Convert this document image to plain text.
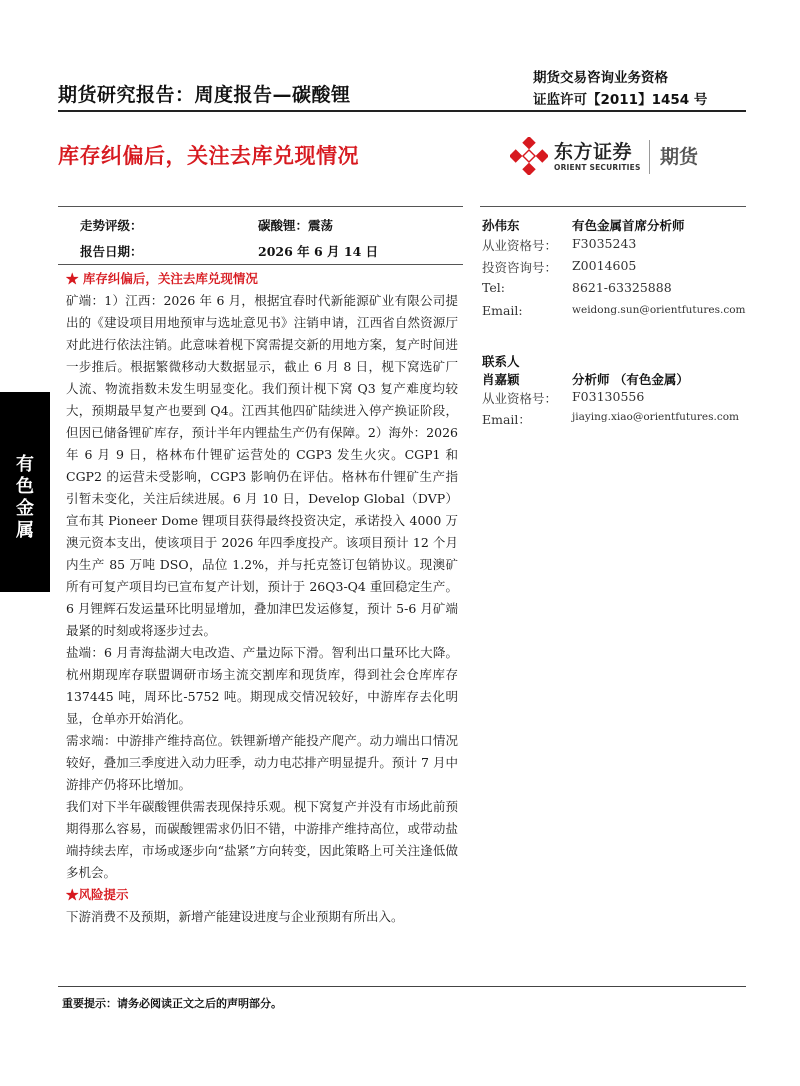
期货研究报告：周度报告—碳酸锂
期货交易咨询业务资格
证监许可【2011】1454 号
库存纠偏后，关注去库兑现情况	东方证券
ORIENT SECURITIES 期货
有
色
金
属
走势评级：	碳酸锂：震荡
报告日期：	2026 年 6 月 14 日
★ 库存纠偏后，关注去库兑现情况

矿端：1）江西：2026 年 6 月，根据宜春时代新能源矿业有限公司提出的《建设项目用地预审与选址意见书》注销申请，江西省自然资源厅对此进行依法注销。此意味着枧下窝需提交新的用地方案，复产时间进一步推后。根据繁微移动大数据显示，截止 6 月 8 日，枧下窝选矿厂人流、物流指数未发生明显变化。我们预计枧下窝 Q3 复产难度均较大，预期最早复产也要到 Q4。江西其他四矿陆续进入停产换证阶段，但因已储备锂矿库存，预计半年内锂盐生产仍有保障。2）海外：2026 年 6 月 9 日，格林布什锂矿运营处的 CGP3 发生火灾。CGP1 和 CGP2 的运营未受影响，CGP3 影响仍在评估。格林布什锂矿生产指引暂未变化，关注后续进展。6 月 10 日，Develop Global（DVP）宣布其 Pioneer Dome 锂项目获得最终投资决定，承诺投入 4000 万澳元资本支出，使该项目于 2026 年四季度投产。该项目预计 12 个月内生产 85 万吨 DSO，品位 1.2%，并与托克签订包销协议。现澳矿所有可复产项目均已宣布复产计划，预计于 26Q3-Q4 重回稳定生产。6 月锂辉石发运量环比明显增加，叠加津巴发运修复，预计 5-6 月矿端最紧的时刻或将逐步过去。

盐端：6 月青海盐湖大电改造、产量边际下滑。智利出口量环比大降。杭州期现库存联盟调研市场主流交割库和现货库，得到社会仓库库存 137445 吨，周环比-5752 吨。期现成交情况较好，中游库存去化明显，仓单亦开始消化。

需求端：中游排产维持高位。铁锂新增产能投产爬产。动力端出口情况较好，叠加三季度进入动力旺季，动力电芯排产明显提升。预计 7 月中游排产仍将环比增加。

我们对下半年碳酸锂供需表现保持乐观。枧下窝复产并没有市场此前预期得那么容易，而碳酸锂需求仍旧不错，中游排产维持高位，或带动盐端持续去库，市场或逐步向“盐紧”方向转变，因此策略上可关注逢低做多机会。

★风险提示

下游消费不及预期，新增产能建设进度与企业预期有所出入。

孙伟东	有色金属首席分析师
从业资格号： F3035243
投资咨询号： Z0014605
Tel:	8621-63325888
Email:	weidong.sun@orientfutures.com
联系人
肖嘉颖	分析师 （有色金属）
从业资格号： F03130556
Email：	jiaying.xiao@orientfutures.com
重要提示：请务必阅读正文之后的声明部分。
